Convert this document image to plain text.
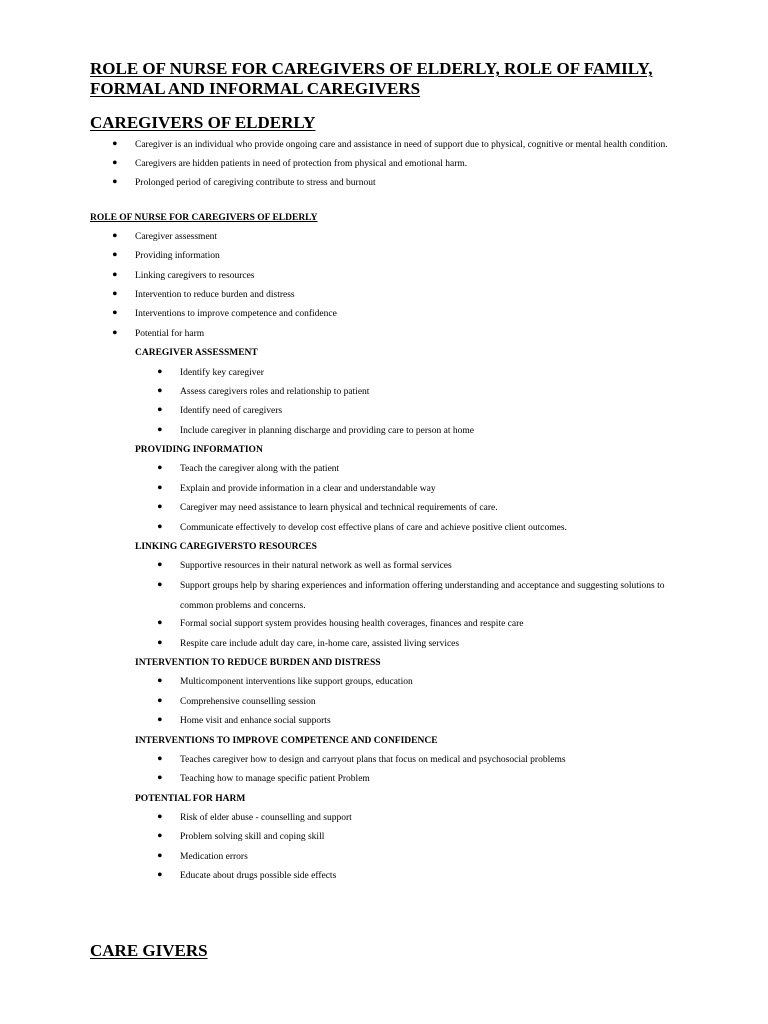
ROLE OF NURSE FOR CAREGIVERS OF ELDERLY, ROLE OF FAMILY,
FORMAL AND INFORMAL CAREGIVERS
CAREGIVERS OF ELDERLY
• Caregiver is an individual who provide ongoing care and assistance in need of support due to physical, cognitive or mental health condition.
• Caregivers are hidden patients in need of protection from physical and emotional harm.
• Prolonged period of caregiving contribute to stress and burnout
ROLE OF NURSE FOR CAREGIVERS OF ELDERLY
• Caregiver assessment
• Providing information
• Linking caregivers to resources
• Intervention to reduce burden and distress
• Interventions to improve competence and confidence
• Potential for harm
CAREGIVER ASSESSMENT
• Identify key caregiver
• Assess caregivers roles and relationship to patient
• Identify need of caregivers
• Include caregiver in planning discharge and providing care to person at home
PROVIDING INFORMATION
• Teach the caregiver along with the patient
• Explain and provide information in a clear and understandable way
• Caregiver may need assistance to learn physical and technical requirements of care.
• Communicate effectively to develop cost effective plans of care and achieve positive client outcomes.
LINKING CAREGIVERSTO RESOURCES
• Supportive resources in their natural network as well as formal services
• Support groups help by sharing experiences and information offering understanding and acceptance and suggesting solutions to
common problems and concerns.
• Formal social support system provides housing health coverages, finances and respite care
• Respite care include adult day care, in-home care, assisted living services
INTERVENTION TO REDUCE BURDEN AND DISTRESS
• Multicomponent interventions like support groups, education
• Comprehensive counselling session
• Home visit and enhance social supports
INTERVENTIONS TO IMPROVE COMPETENCE AND CONFIDENCE
• Teaches caregiver how to design and carryout plans that focus on medical and psychosocial problems
• Teaching how to manage specific patient Problem
POTENTIAL FOR HARM
• Risk of elder abuse - counselling and support
• Problem solving skill and coping skill
• Medication errors
• Educate about drugs possible side effects
CARE GIVERS
